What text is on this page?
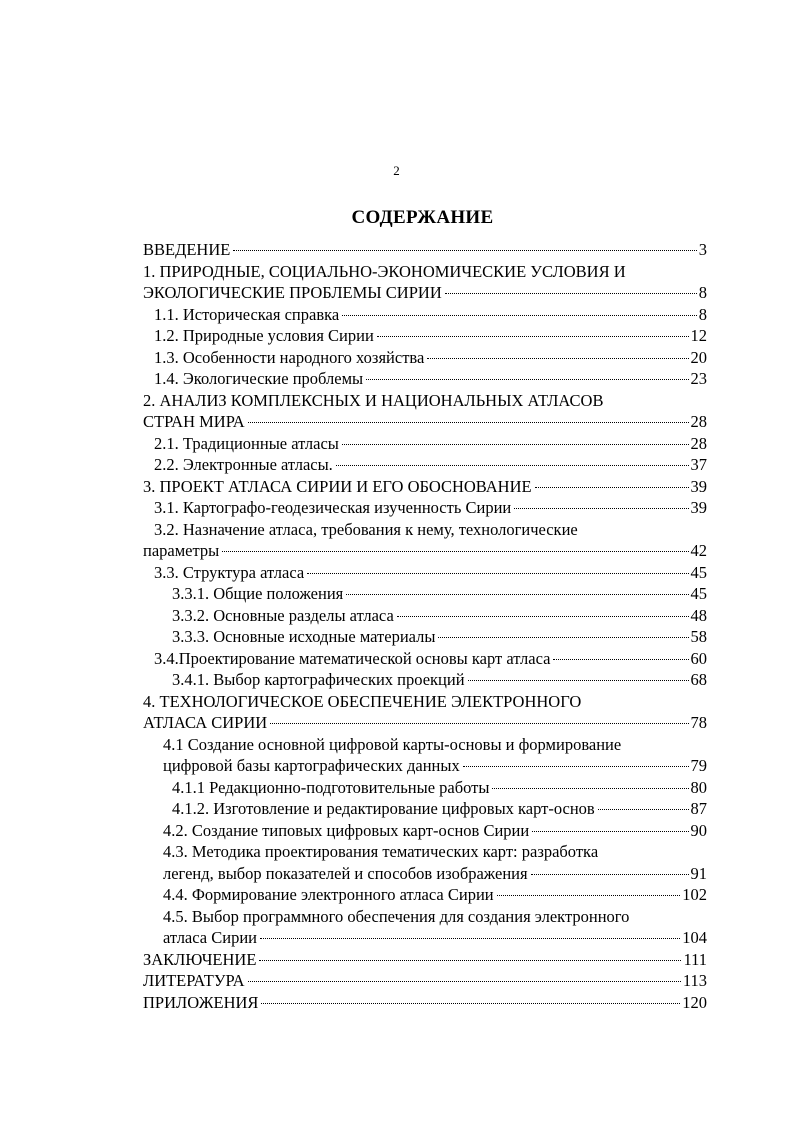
2
СОДЕРЖАНИЕ
ВВЕДЕНИЕ	3
1. ПРИРОДНЫЕ, СОЦИАЛЬНО-ЭКОНОМИЧЕСКИЕ УСЛОВИЯ И
ЭКОЛОГИЧЕСКИЕ ПРОБЛЕМЫ СИРИИ	8
1.1. Историческая справка	8
1.2. Природные условия Сирии	12
1.3. Особенности народного хозяйства	20
1.4. Экологические проблемы	23
2. АНАЛИЗ КОМПЛЕКСНЫХ И НАЦИОНАЛЬНЫХ АТЛАСОВ
СТРАН МИРА	28
2.1. Традиционные атласы	28
2.2. Электронные атласы.	37
3. ПРОЕКТ АТЛАСА СИРИИ И ЕГО ОБОСНОВАНИЕ	39
3.1. Картографо-геодезическая изученность Сирии	39
3.2. Назначение атласа, требования к нему, технологические
параметры	42
3.3. Структура атласа	45
3.3.1. Общие положения	45
3.3.2. Основные разделы атласа	48
3.3.3. Основные исходные материалы	58
3.4.Проектирование математической основы карт атласа	60
3.4.1. Выбор картографических проекций	68
4. ТЕХНОЛОГИЧЕСКОЕ ОБЕСПЕЧЕНИЕ ЭЛЕКТРОННОГО
АТЛАСА СИРИИ	78
4.1 Создание основной цифровой карты-основы и формирование
цифровой базы картографических данных	79
4.1.1 Редакционно-подготовительные работы	80
4.1.2. Изготовление и редактирование цифровых карт-основ	87
4.2. Создание типовых цифровых карт-основ Сирии	90
4.3. Методика проектирования тематических карт: разработка
легенд, выбор показателей и способов изображения	91
4.4. Формирование электронного атласа Сирии	102
4.5. Выбор программного обеспечения для создания электронного
атласа Сирии	104
ЗАКЛЮЧЕНИЕ	111
ЛИТЕРАТУРА	113
ПРИЛОЖЕНИЯ	120
